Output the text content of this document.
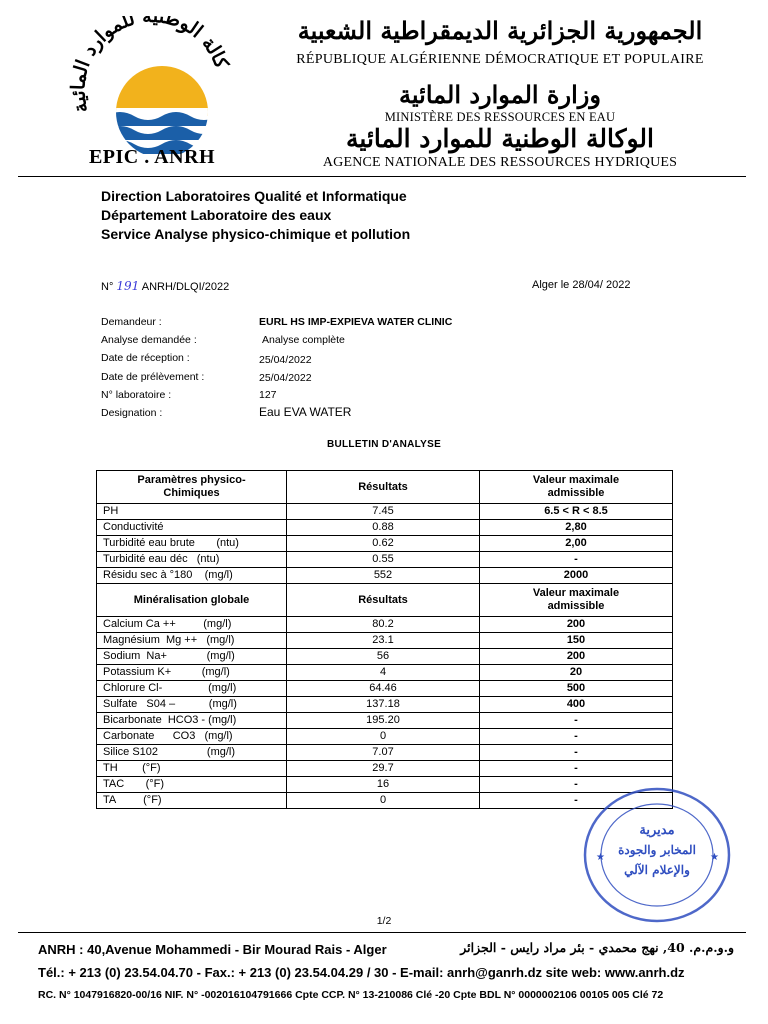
كالة الوطنية للموارد المائية
EPIC . ANRH
الجمهورية الجزائرية الديمقراطية الشعبية
RÉPUBLIQUE ALGÉRIENNE DÉMOCRATIQUE ET POPULAIRE
وزارة الموارد المائية
MINISTÈRE DES RESSOURCES EN EAU
الوكالة الوطنية للموارد المائية
AGENCE NATIONALE DES RESSOURCES HYDRIQUES
Direction Laboratoires Qualité et Informatique
Département Laboratoire des eaux
Service Analyse physico-chimique et pollution
N° 191 ANRH/DLQI/2022	Alger le 28/04/ 2022
Demandeur :	EURL HS IMP-EXPIEVA WATER CLINIC
Analyse demandée :	Analyse complète
Date de réception :	25/04/2022
Date de prélèvement :	25/04/2022
N° laboratoire :	127
Designation :	Eau EVA WATER
BULLETIN D'ANALYSE
Paramètres physico-
Chimiques	Résultats	Valeur maximale
admissible
PH	7.45	6.5 < R < 8.5
Conductivité	0.88	2,80
Turbidité eau brute       (ntu)	0.62	2,00
Turbidité eau déc   (ntu)	0.55	-
Résidu sec à °180    (mg/l)	552	2000
Minéralisation globale	Résultats	Valeur maximale
admissible
Calcium Ca ++         (mg/l)	80.2	200
Magnésium  Mg ++   (mg/l)	23.1	150
Sodium  Na+             (mg/l)	56	200
Potassium K+          (mg/l)	4	20
Chlorure Cl-               (mg/l)	64.46	500
Sulfate   S04 –           (mg/l)	137.18	400
Bicarbonate  HCO3 - (mg/l)	195.20	-
Carbonate      CO3   (mg/l)	0	-
Silice S102                (mg/l)	7.07	-
TH        (°F)	29.7	-
TAC       (°F)	16	-
TA         (°F)	0	-
مديرية
المخابر والجودة
والإعلام الآلي
★	★
1/2
ANRH : 40,Avenue Mohammedi - Bir Mourad Rais - Alger	و.و.م.م. 40, نهج محمدي - بئر مراد رايس - الجزائر
Tél.: + 213 (0) 23.54.04.70 - Fax.: + 213 (0) 23.54.04.29 / 30 - E-mail: anrh@ganrh.dz site web: www.anrh.dz
RC. N° 1047916820-00/16 NIF. N° -002016104791666 Cpte CCP. N° 13-210086 Clé -20 Cpte BDL N° 0000002106 00105 005 Clé 72
